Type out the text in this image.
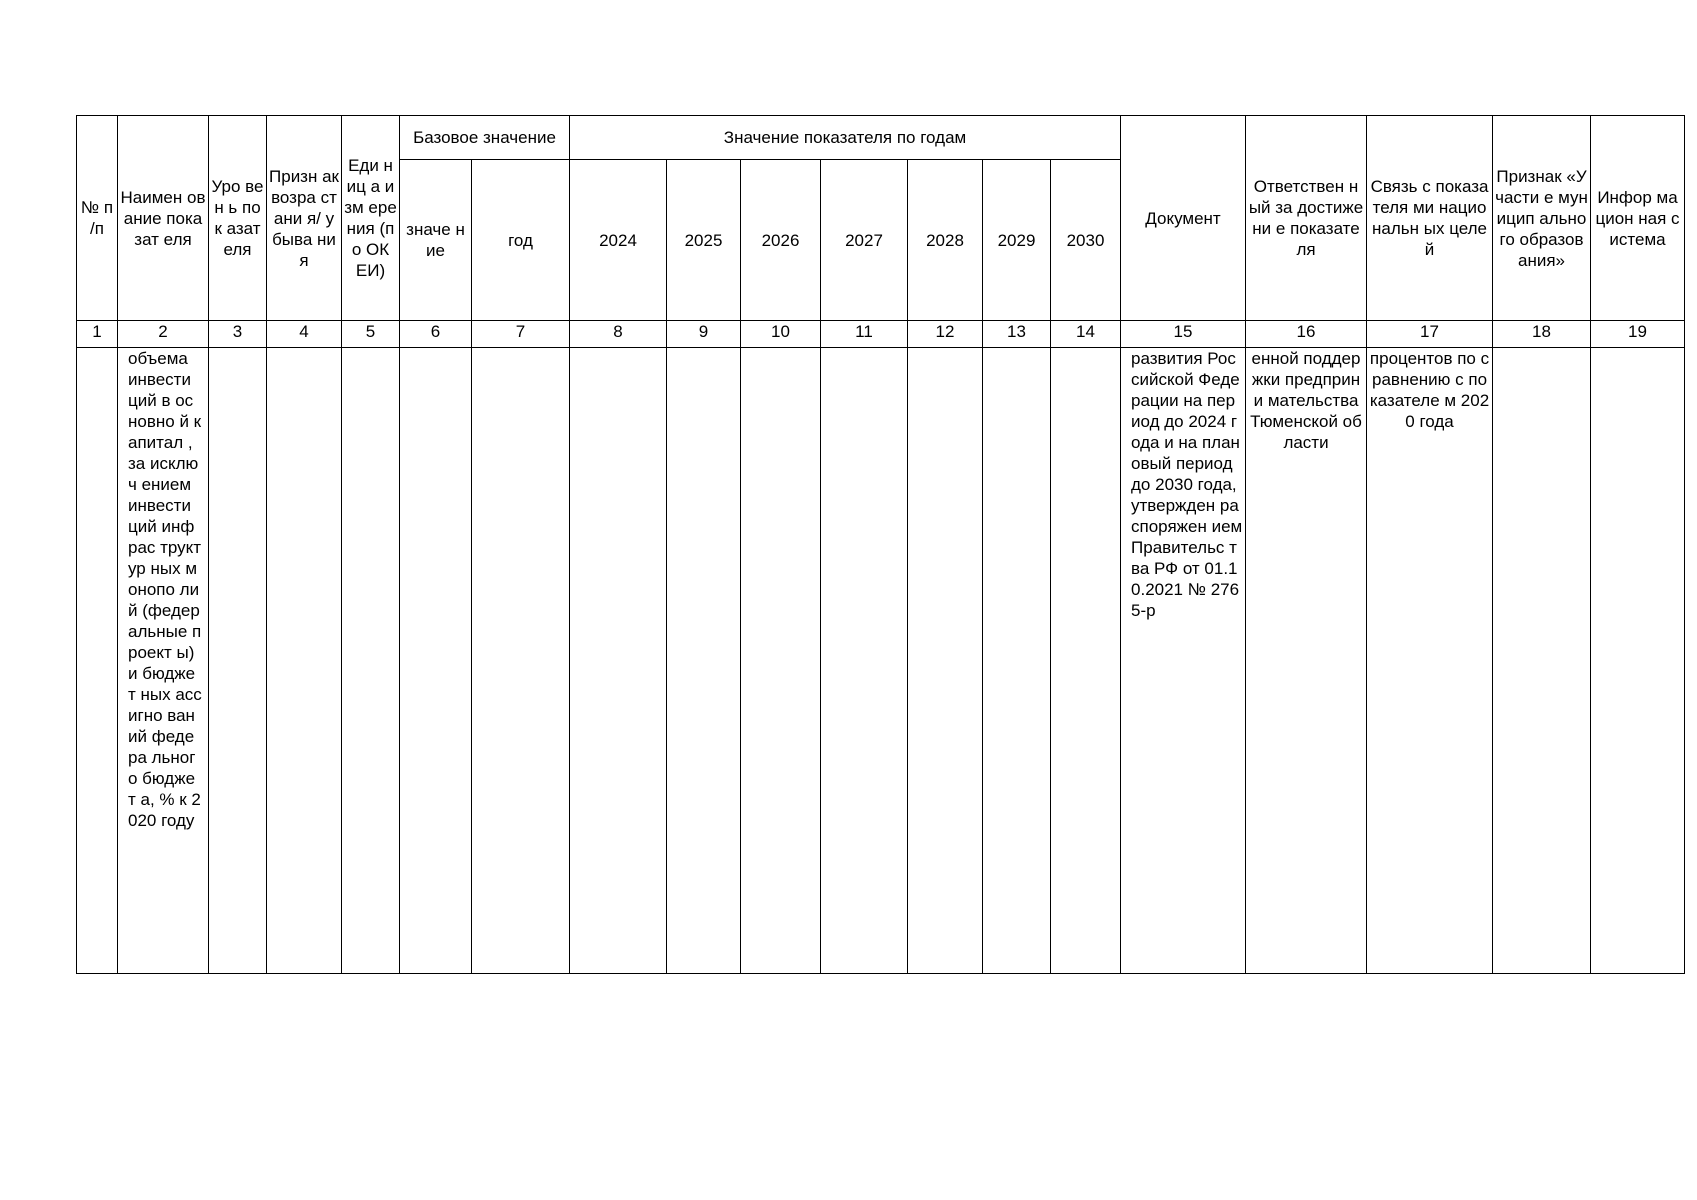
№ п /п	Наимен ование показат еля	Уро вен ь пок азат еля	Призн ак возра стани я/ убыва ния	Еди ниц а изм ере ния (по ОК ЕИ)	Базовое значение		Значение показателя по годам							Документ	Ответствен ный за достижени е показателя	Связь с показателя ми национальн ых целей	Признак «Участи е муницип ального образов ания»	Инфор мацион ная система
					значе ние	год	2024	2025	2026	2027	2028	2029	2030					
1	2	3	4	5	6	7	8	9	10	11	12	13	14	15	16	17	18	19
	объема инвести ций в основно й капитал , за исключ ением инвести ций инфрас труктур ных монопо лий (федер альные проект ы) и бюджет ных ассигно ваний федера льного бюджет а, % к 2020 году													развития Российской Федерации на период до 2024 года и на плановый период до 2030 года, утвержден распоряжен ием Правительс тва РФ от 01.10.2021 № 2765-р	енной поддержки предприни мательства Тюменской области	процентов по сравнению с показателе м 2020 года		
